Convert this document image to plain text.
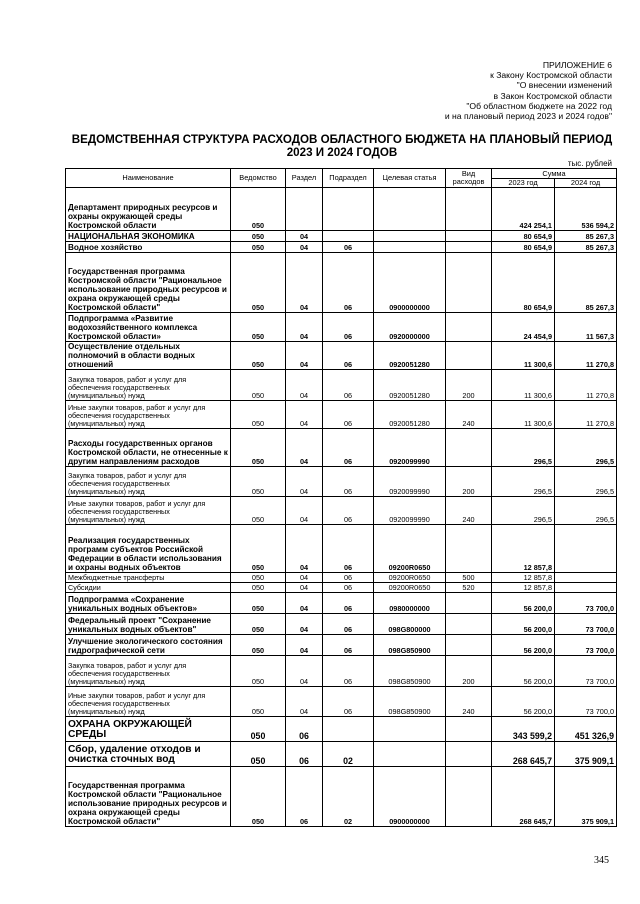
ПРИЛОЖЕНИЕ 6
к Закону Костромской области
"О внесении изменений
в Закон Костромской области
"Об областном бюджете на 2022 год
и на плановый период 2023 и 2024 годов"
ВЕДОМСТВЕННАЯ СТРУКТУРА РАСХОДОВ ОБЛАСТНОГО БЮДЖЕТА НА ПЛАНОВЫЙ ПЕРИОД 2023 И 2024 ГОДОВ
тыс. рублей
Наименование	Ведомство	Раздел	Подраздел	Целевая статья	Вид расходов	Сумма	
						2023 год	2024 год
Департамент природных ресурсов и охраны окружающей среды Костромской области	050					424 254,1	536 594,2
НАЦИОНАЛЬНАЯ ЭКОНОМИКА	050	04				80 654,9	85 267,3
Водное хозяйство	050	04	06			80 654,9	85 267,3
Государственная программа Костромской области "Рациональное использование природных ресурсов и охрана окружающей среды Костромской области"	050	04	06	0900000000		80 654,9	85 267,3
Подпрограмма «Развитие водохозяйственного комплекса Костромской области»	050	04	06	0920000000		24 454,9	11 567,3
Осуществление отдельных полномочий в области водных отношений	050	04	06	0920051280		11 300,6	11 270,8
Закупка товаров, работ и услуг для обеспечения государственных (муниципальных) нужд	050	04	06	0920051280	200	11 300,6	11 270,8
Иные закупки товаров, работ и услуг для обеспечения государственных (муниципальных) нужд	050	04	06	0920051280	240	11 300,6	11 270,8
Расходы государственных органов Костромской области, не отнесенные к другим направлениям расходов	050	04	06	0920099990		296,5	296,5
Закупка товаров, работ и услуг для обеспечения государственных (муниципальных) нужд	050	04	06	0920099990	200	296,5	296,5
Иные закупки товаров, работ и услуг для обеспечения государственных (муниципальных) нужд	050	04	06	0920099990	240	296,5	296,5
Реализация государственных программ субъектов Российской Федерации в области использования и охраны водных объектов	050	04	06	09200R0650		12 857,8	
Межбюджетные трансферты	050	04	06	09200R0650	500	12 857,8	
Субсидии	050	04	06	09200R0650	520	12 857,8	
Подпрограмма «Сохранение уникальных водных объектов»	050	04	06	0980000000		56 200,0	73 700,0
Федеральный проект "Сохранение уникальных водных объектов"	050	04	06	098G800000		56 200,0	73 700,0
Улучшение экологического состояния гидрографической сети	050	04	06	098G850900		56 200,0	73 700,0
Закупка товаров, работ и услуг для обеспечения государственных (муниципальных) нужд	050	04	06	098G850900	200	56 200,0	73 700,0
Иные закупки товаров, работ и услуг для обеспечения государственных (муниципальных) нужд	050	04	06	098G850900	240	56 200,0	73 700,0
ОХРАНА ОКРУЖАЮЩЕЙ СРЕДЫ	050	06				343 599,2	451 326,9
Сбор, удаление отходов и очистка сточных вод	050	06	02			268 645,7	375 909,1
Государственная программа Костромской области "Рациональное использование природных ресурсов и охрана окружающей среды Костромской области"	050	06	02	0900000000		268 645,7	375 909,1
345
